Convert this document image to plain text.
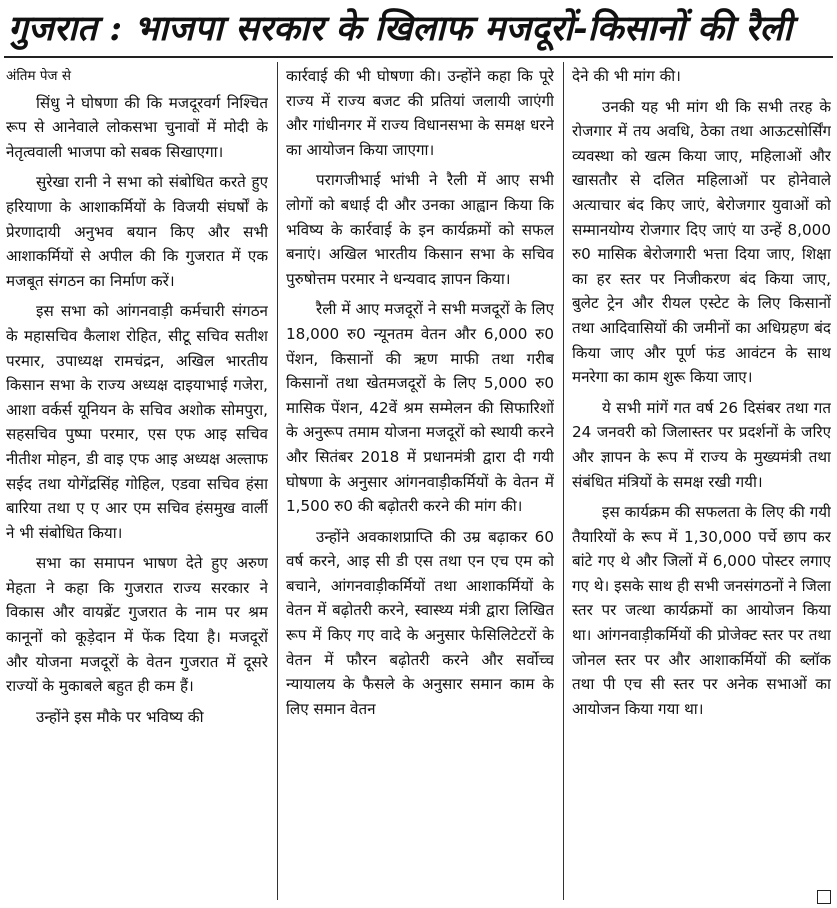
गुजरात : भाजपा सरकार के खिलाफ मजदूरों-किसानों की रैली

अंतिम पेज से

सिंधु ने घोषणा की कि मजदूरवर्ग निश्चित रूप से आनेवाले लोकसभा चुनावों में मोदी के नेतृत्ववाली भाजपा को सबक सिखाएगा।

सुरेखा रानी ने सभा को संबोधित करते हुए हरियाणा के आशाकर्मियों के विजयी संघर्षों के प्रेरणादायी अनुभव बयान किए और सभी आशाकर्मियों से अपील की कि गुजरात में एक मजबूत संगठन का निर्माण करें।

इस सभा को आंगनवाड़ी कर्मचारी संगठन के महासचिव कैलाश रोहित, सीटू सचिव सतीश परमार, उपाध्यक्ष रामचंद्रन, अखिल भारतीय किसान सभा के राज्य अध्यक्ष दाइयाभाई गजेरा, आशा वर्कर्स यूनियन के सचिव अशोक सोमपुरा, सहसचिव पुष्पा परमार, एस एफ आइ सचिव नीतीश मोहन, डी वाइ एफ आइ अध्यक्ष अल्ताफ सईद तथा योगेंद्रसिंह गोहिल, एडवा सचिव हंसा बारिया तथा ए ए आर एम सचिव हंसमुख वार्ली ने भी संबोधित किया।

सभा का समापन भाषण देते हुए अरुण मेहता ने कहा कि गुजरात राज्य सरकार ने विकास और वायब्रेंट गुजरात के नाम पर श्रम कानूनों को कूड़ेदान में फेंक दिया है। मजदूरों और योजना मजदूरों के वेतन गुजरात में दूसरे राज्यों के मुकाबले बहुत ही कम हैं।

उन्होंने इस मौके पर भविष्य की

कार्रवाई की भी घोषणा की। उन्होंने कहा कि पूरे राज्य में राज्य बजट की प्रतियां जलायी जाएंगी और गांधीनगर में राज्य विधानसभा के समक्ष धरने का आयोजन किया जाएगा।

परागजीभाई भांभी ने रैली में आए सभी लोगों को बधाई दी और उनका आह्वान किया कि भविष्य के कार्रवाई के इन कार्यक्रमों को सफल बनाएं। अखिल भारतीय किसान सभा के सचिव पुरुषोत्तम परमार ने धन्यवाद ज्ञापन किया।

रैली में आए मजदूरों ने सभी मजदूरों के लिए 18,000 रु0 न्यूनतम वेतन और 6,000 रु0 पेंशन, किसानों की ऋण माफी तथा गरीब किसानों तथा खेतमजदूरों के लिए 5,000 रु0 मासिक पेंशन, 42वें श्रम सम्मेलन की सिफारिशों के अनुरूप तमाम योजना मजदूरों को स्थायी करने और सितंबर 2018 में प्रधानमंत्री द्वारा दी गयी घोषणा के अनुसार आंगनवाड़ीकर्मियों के वेतन में 1,500 रु0 की बढ़ोतरी करने की मांग की।

उन्होंने अवकाशप्राप्ति की उम्र बढ़ाकर 60 वर्ष करने, आइ सी डी एस तथा एन एच एम को बचाने, आंगनवाड़ीकर्मियों तथा आशाकर्मियों के वेतन में बढ़ोतरी करने, स्वास्थ्य मंत्री द्वारा लिखित रूप में किए गए वादे के अनुसार फेसिलिटेटरों के वेतन में फौरन बढ़ोतरी करने और सर्वोच्च न्यायालय के फैसले के अनुसार समान काम के लिए समान वेतन

देने की भी मांग की।

उनकी यह भी मांग थी कि सभी तरह के रोजगार में तय अवधि, ठेका तथा आऊटसोर्सिंग व्यवस्था को खत्म किया जाए, महिलाओं और खासतौर से दलित महिलाओं पर होनेवाले अत्याचार बंद किए जाएं, बेरोजगार युवाओं को सम्मानयोग्य रोजगार दिए जाएं या उन्हें 8,000 रु0 मासिक बेरोजगारी भत्ता दिया जाए, शिक्षा का हर स्तर पर निजीकरण बंद किया जाए, बुलेट ट्रेन और रीयल एस्टेट के लिए किसानों तथा आदिवासियों की जमीनों का अधिग्रहण बंद किया जाए और पूर्ण फंड आवंटन के साथ मनरेगा का काम शुरू किया जाए।

ये सभी मांगें गत वर्ष 26 दिसंबर तथा गत 24 जनवरी को जिलास्तर पर प्रदर्शनों के जरिए और ज्ञापन के रूप में राज्य के मुख्यमंत्री तथा संबंधित मंत्रियों के समक्ष रखी गयी।

इस कार्यक्रम की सफलता के लिए की गयी तैयारियों के रूप में 1,30,000 पर्चे छाप कर बांटे गए थे और जिलों में 6,000 पोस्टर लगाए गए थे। इसके साथ ही सभी जनसंगठनों ने जिला स्तर पर जत्था कार्यक्रमों का आयोजन किया था। आंगनवाड़ीकर्मियों की प्रोजेक्ट स्तर पर तथा जोनल स्तर पर और आशाकर्मियों की ब्लॉक तथा पी एच सी स्तर पर अनेक सभाओं का आयोजन किया गया था।
